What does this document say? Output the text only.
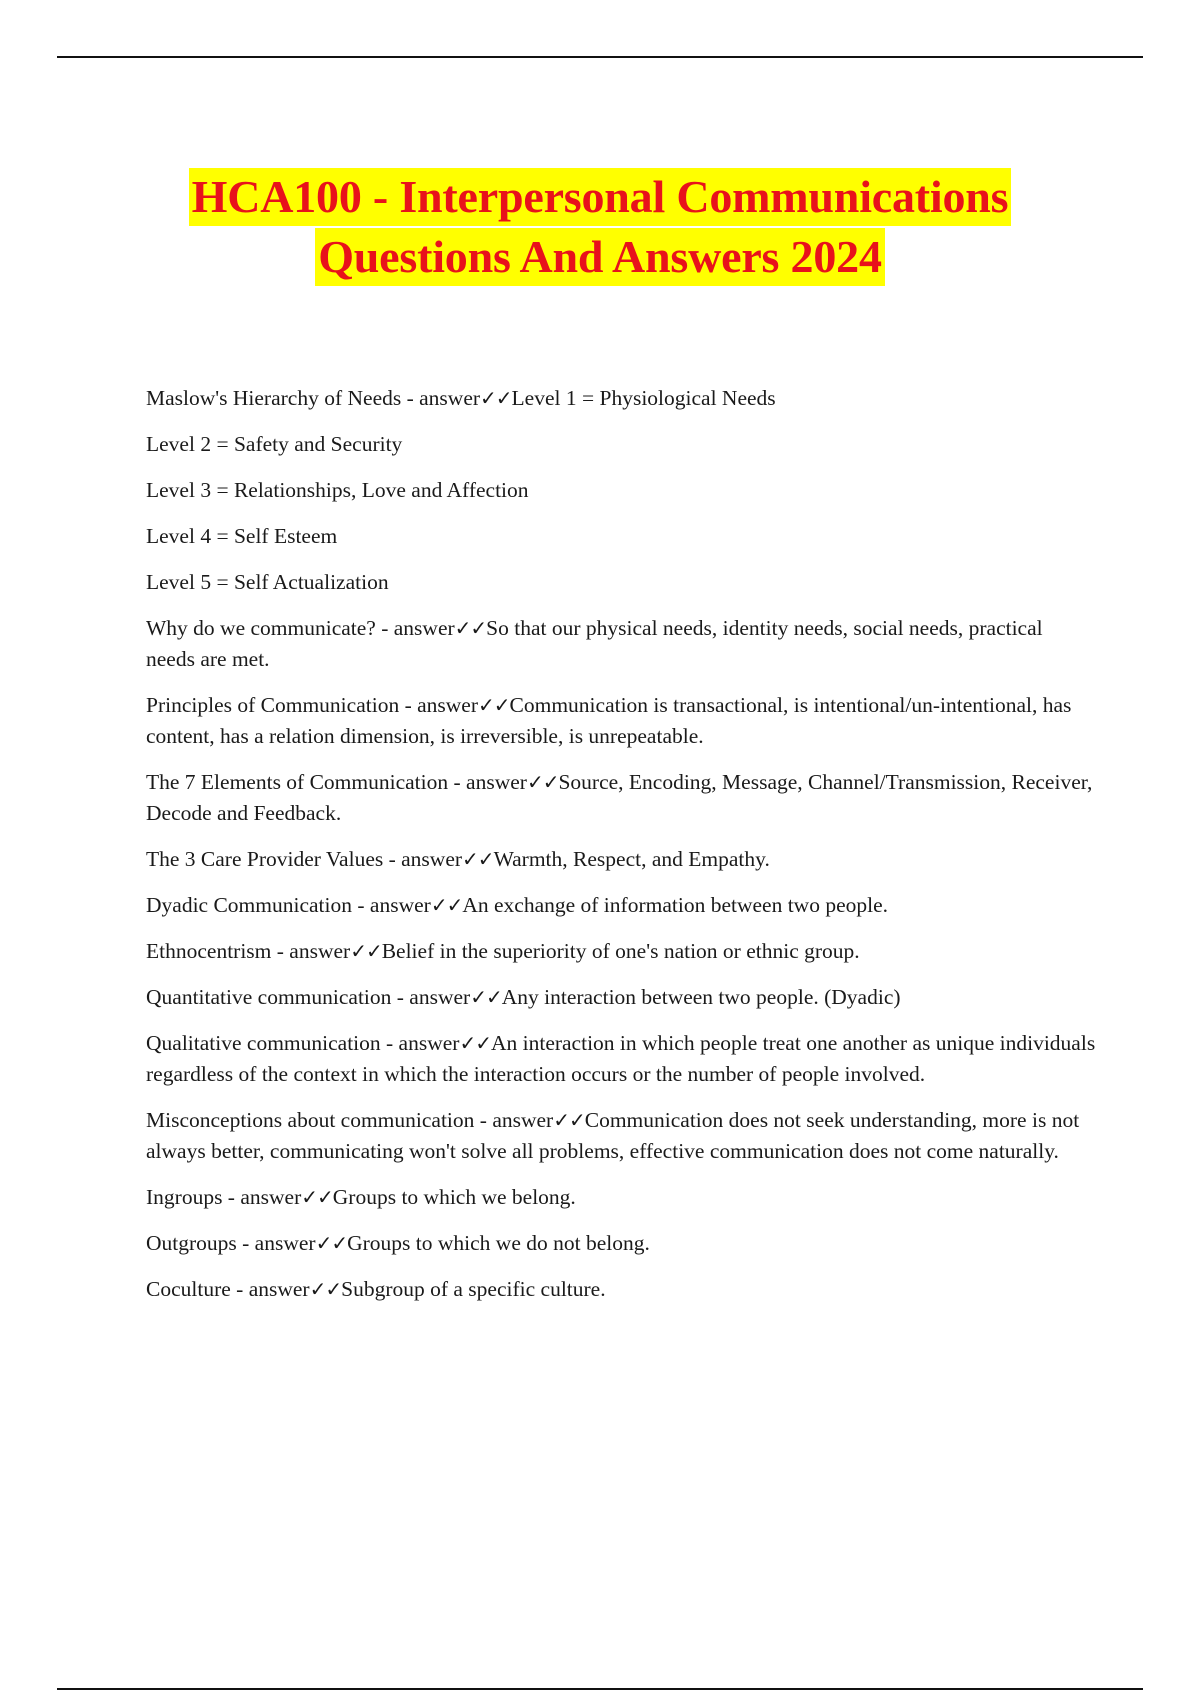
HCA100 - Interpersonal Communications
Questions And Answers 2024

Maslow's Hierarchy of Needs - answer✓✓Level 1 = Physiological Needs

Level 2 = Safety and Security

Level 3 = Relationships, Love and Affection

Level 4 = Self Esteem

Level 5 = Self Actualization

Why do we communicate? - answer✓✓So that our physical needs, identity needs, social needs, practical needs are met.

Principles of Communication - answer✓✓Communication is transactional, is intentional/un-intentional, has content, has a relation dimension, is irreversible, is unrepeatable.

The 7 Elements of Communication - answer✓✓Source, Encoding, Message, Channel/Transmission, Receiver, Decode and Feedback.

The 3 Care Provider Values - answer✓✓Warmth, Respect, and Empathy.

Dyadic Communication - answer✓✓An exchange of information between two people.

Ethnocentrism - answer✓✓Belief in the superiority of one's nation or ethnic group.

Quantitative communication - answer✓✓Any interaction between two people. (Dyadic)

Qualitative communication - answer✓✓An interaction in which people treat one another as unique individuals regardless of the context in which the interaction occurs or the number of people involved.

Misconceptions about communication - answer✓✓Communication does not seek understanding, more is not always better, communicating won't solve all problems, effective communication does not come naturally.

Ingroups - answer✓✓Groups to which we belong.

Outgroups - answer✓✓Groups to which we do not belong.

Coculture - answer✓✓Subgroup of a specific culture.
